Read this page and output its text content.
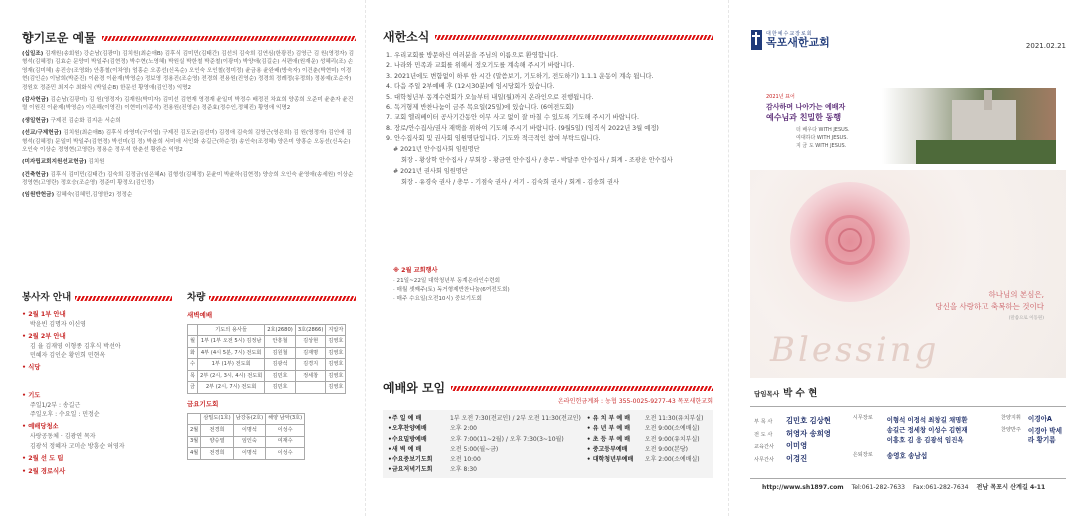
향기로운 예물
(십일조) 김재원(송회원) 강순남(김광미) 김치원(최순애B) 김후식 김미민(김태간) 김선의 김숙희 김연심(한광진) 김영근 김 원(영정자) 김형석(김혜정) 김효순 문양미 박일주(김현정) 박수현(노영혜) 박원실 박한철 박준철(이광미) 박양애(김길순) 서편애(원재운) 성혜리(조) 손영재(김미혜) 송진승(조영화) 안흥철(이차영) 엄홍순 오종선(신옥순) 오인숙 오인철(정미정) 윤금용 윤완배(방숙자) 이건춘(박현미) 이경현(김인순) 이남희(박준진) 이윤경 이윤재(박영순) 정보영 정용진(조순영) 전경희 전용원(진영순) 정경희 정례정(유정희) 정봉예(조순자) 정원호 정준민 최지수 최화식 (박일순B) 한문선 황영애(김인정) 익명2
(감사헌금) 김순남(김광미) 김 원(영정자) 김재원(박미자) 김미선 김현재 영경재 윤일미 박정수 배정진 차효희 양종희 오준미 윤춘자 윤건렬 이원진 이윤제(박영순) 이은해(이영진) 이현미(이종석) 전용원(진영순) 정준효(정수인,정혜진) 황영애 익명2
(생일헌금) 구제진 김순화 김지운 서순희
(선교/구제헌금) 김치원(최순애B) 김후식 라영미(구이엽) 구제진 김도균(김선미) 김정애 김숙희 김영근(영은희) 김 원(영정자) 김인애 김형석(김혜정) 문일미 박일주(김현정) 박선미(김 정) 박윤희 서미애 서인화 송길근(하순정) 송인숙(조정혜) 양은미 양흥순 오동선(신옥순) 오인숙 이상순 정영현(고영란) 정용순 정우석 한춘선 황완순 익명2
(미자립교회지원선교헌금) 김치원
(건축헌금) 김후식 김미민(김태간) 김숙희 김정금(임은혜A) 김형성(김혜정) 문윤미 박윤하(김현정) 양승희 오인숙 윤영애(송세원) 이상순 정영현(고영란) 정호승(조순영) 정준미 황정오(김인정)
(임원반헌금) 김혜숙(김혜민,김영한2) 정정순
봉사자 안내
• 2월 1부 안내
박윤빈 김명자 이신영
• 2월 2부 안내
김 율 김재영 이형종 김후식 박선아
민혜자 김인순 황인희 민현옥
• 식당
• 기도
주일1/2부 : 송길근
주일오후 : 수요일 : 민정순
• 예배당청소
사랑공동체 · 김광연 목자
김광석 정혜자 고미순 방흥순 허영자
• 2월 선 도 팀
• 2월 경로식사
차량
새벽예배
	기도의 용사들	2호(2680)	3호(2866)	지압자
월	1부 (1부 오전 5시) 김정남	안흥철	김상현	김영호
화	4부 (4시 5분, 7시) 전도회	김원철	김재명	김영호
수	1부 (1부) 전도회	김광석	김경지	김영호
목	2부 (2시, 3시, 4시) 전도회	김민호	정세창	김영호
금	2부 (2시, 7시) 전도회	김민호		김영호
금요기도회
	삼밀도(1호)	남강동(2호)	해양 남악(3호)
2월	전경희	이명석	이성수
3월	양승열	임인숙	여재수
4월	전경희	이명석	이성수
새한소식
1. 우리교회를 방문하신 여러분을 주님의 이름으로 환영합니다.
2. 나라와 민족과 교회를 위해서 정오기도를 계속해 주시기 바랍니다.
3. 2021년에도 변함없이 하루 한 시간 (말씀보기, 기도하기, 전도하기) 1.1.1 운동이 계속 됩니다.
4. 다음 주일 2부예배 후 (12시30분)에 임시당회가 있습니다.
5. 대학청년부 동계수련회가 오늘부터 내일(월)까지 온라인으로 진행됩니다.
6. 독거형제 반찬나눔이 금주 목요일(25일)에 있습니다. (6여전도회)
7. 교회 엘리베이터 공사기간동안 이무 사고 없이 잘 마칠 수 있도록 기도해 주시기 바랍니다.
8. 장로/안수집사/권사 재택을 위하여 기도해 주시기 바랍니다. (9월5일) (임직식 2022년 3월 예정)
9. 안수집사회 및 권사회 임원명단입니다. 기도와 적극적인 참여 부탁드립니다.
# 2021년 안수집사회 임원명단
회장 - 황상학 안수집사 / 부회장 - 황금연 안수집사 / 총무 - 박달주 안수집사 / 회계 - 조광운 안수집사
# 2021년 권사회 임원명단
회장 - 유경숙 권사 / 총무 - 기점숙 권사 / 서기 - 김숙희 권사 / 회계 - 김송희 권사
※ 2월 교회행사
· 21일~22일 대학청년부 동계온라인수련회
· 매월 셋째주(토) 독거형제반찬나눔(6여전도회)
· 매주 수요일(오전10시) 중보기도회
예배와 모임
온라인헌금계좌 : 농협 355-0025-9277-43 목포새한교회
•주 일 예 배	1부 오전 7:30(전교인) / 2부 오전 11:30(전교인)
•오후찬양예배	오후 2:00
•수요밀방예배	오후 7:00(11~2월) / 오후 7:30(3~10월)
•새 벽 예 배	오전 5:00(월~금)
•수요중보기도회	오전 10:00
•금요저녁기도회	오후 8:30
• 유 치 부 예 배 오전 11:30(유치부실)
• 유 년 부 예 배 오전 9:00(소예배실)
• 초 등 부 예 배 오전 9:00(유치부실)
• 중고등부예배	오전 9:00(본당)
• 대학청년부예배 오후 2:00(소예배실)
대한예수교장로회
목포새한교회	2021.02.21
2021년 표어
감사하며 나아가는 예배자
예수님과 친밀한 동행
더 배우다 WITH JESUS.
여대하다 WITH JESUS.
지 금 도 WITH JESUS.
하나님의 본심은,
당신을 사랑하고 축복하는 것이다
(말씀으로 이동원)
Blessing
담임목사 박 수 현
부 목 사	김민호 김상현
전 도 사	허영자 송희영
교육간사	이미영
사무간사	이경진
시무장로	이형석 이정석 최창길 채명환
송길근 정세창 이성수 김현재
이흥호 김 웅 김광석 임진옥
은퇴장로	송영호 송남섭
찬양지휘	이경아A
찬양반주	이경아 박세라 황기름
http://www.sh1897.com Tel:061-282-7633 Fax:061-282-7634 전남 목포시 산계길 4-11
